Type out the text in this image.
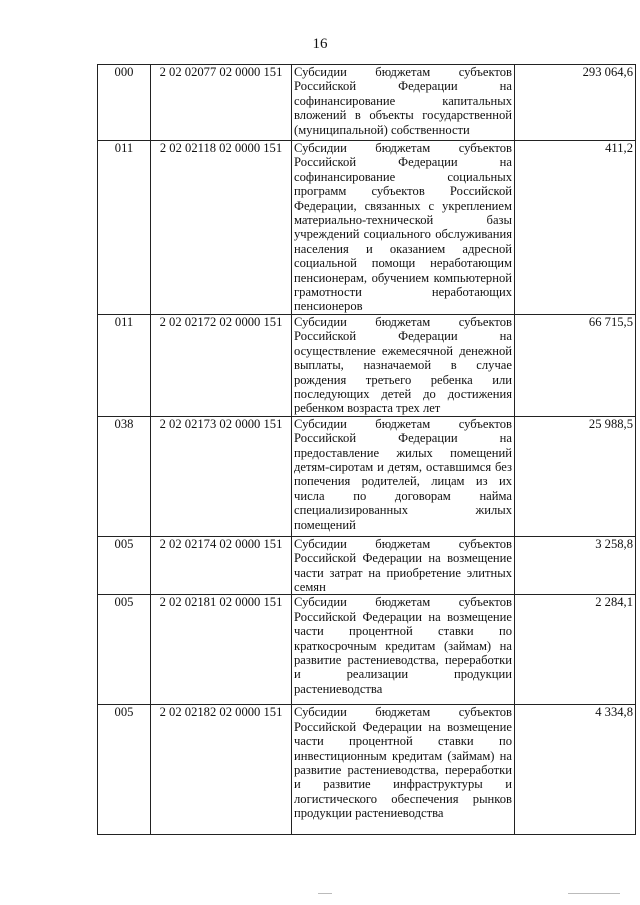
16
000	2 02 02077 02 0000 151	Субсидии бюджетам субъектов Российской Федерации на софинансирование капитальных вложений в объекты государственной (муниципальной) собственности	293 064,6
011	2 02 02118 02 0000 151	Субсидии бюджетам субъектов Российской Федерации на софинансирование социальных программ субъектов Российской Федерации, связанных с укреплением материально-технической базы учреждений социального обслуживания населения и оказанием адресной социальной помощи неработающим пенсионерам, обучением компьютерной грамотности неработающих пенсионеров	411,2
011	2 02 02172 02 0000 151	Субсидии бюджетам субъектов Российской Федерации на осуществление ежемесячной денежной выплаты, назначаемой в случае рождения третьего ребенка или последующих детей до достижения ребенком возраста трех лет	66 715,5
038	2 02 02173 02 0000 151	Субсидии бюджетам субъектов Российской Федерации на предоставление жилых помещений детям-сиротам и детям, оставшимся без попечения родителей, лицам из их числа по договорам найма специализированных жилых помещений	25 988,5
005	2 02 02174 02 0000 151	Субсидии бюджетам субъектов Российской Федерации на возмещение части затрат на приобретение элитных семян	3 258,8
005	2 02 02181 02 0000 151	Субсидии бюджетам субъектов Российской Федерации на возмещение части процентной ставки по краткосрочным кредитам (займам) на развитие растениеводства, переработки и реализации продукции растениеводства	2 284,1
005	2 02 02182 02 0000 151	Субсидии бюджетам субъектов Российской Федерации на возмещение части процентной ставки по инвестиционным кредитам (займам) на развитие растениеводства, переработки и развитие инфраструктуры и логистического обеспечения рынков продукции растениеводства	4 334,8
